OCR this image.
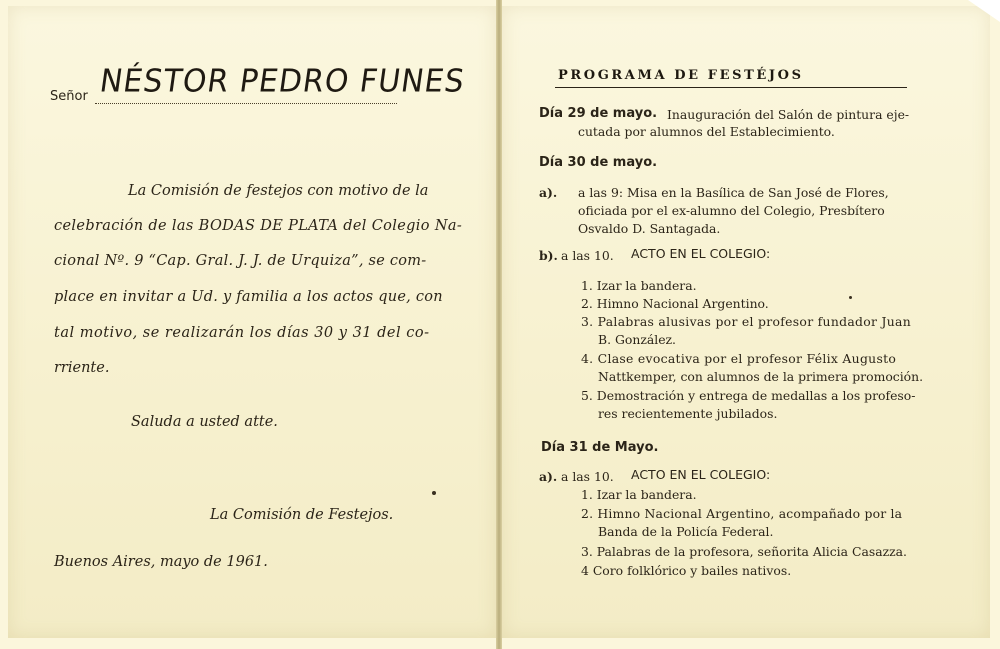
Señor NÉSTOR PEDRO FUNES
La Comisión de festejos con motivo de la
celebración de las BODAS DE PLATA del Colegio Na-
cional Nº. 9 “Cap. Gral. J. J. de Urquiza”, se com-
place en invitar a Ud. y familia a los actos que, con
tal motivo, se realizarán los días 30 y 31 del co-
rriente.
Saluda a usted atte.
La Comisión de Festejos.
Buenos Aires, mayo de 1961.
PROGRAMA DE FESTÉJOS
Día 29 de mayo. Inauguración del Salón de pintura eje-
cutada por alumnos del Establecimiento.
Día 30 de mayo.
a). a las 9: Misa en la Basílica de San José de Flores,
oficiada por el ex-alumno del Colegio, Presbítero
Osvaldo D. Santagada.
b). a las 10. ACTO EN EL COLEGIO:
1. Izar la bandera.
2. Himno Nacional Argentino.
3. Palabras alusivas por el profesor fundador Juan
B. González.
4. Clase evocativa por el profesor Félix Augusto
Nattkemper, con alumnos de la primera promoción.
5. Demostración y entrega de medallas a los profeso-
res recientemente jubilados.
Día 31 de Mayo.
a). a las 10. ACTO EN EL COLEGIO:
1. Izar la bandera.
2. Himno Nacional Argentino, acompañado por la
Banda de la Policía Federal.
3. Palabras de la profesora, señorita Alicia Casazza.
4 Coro folklórico y bailes nativos.
